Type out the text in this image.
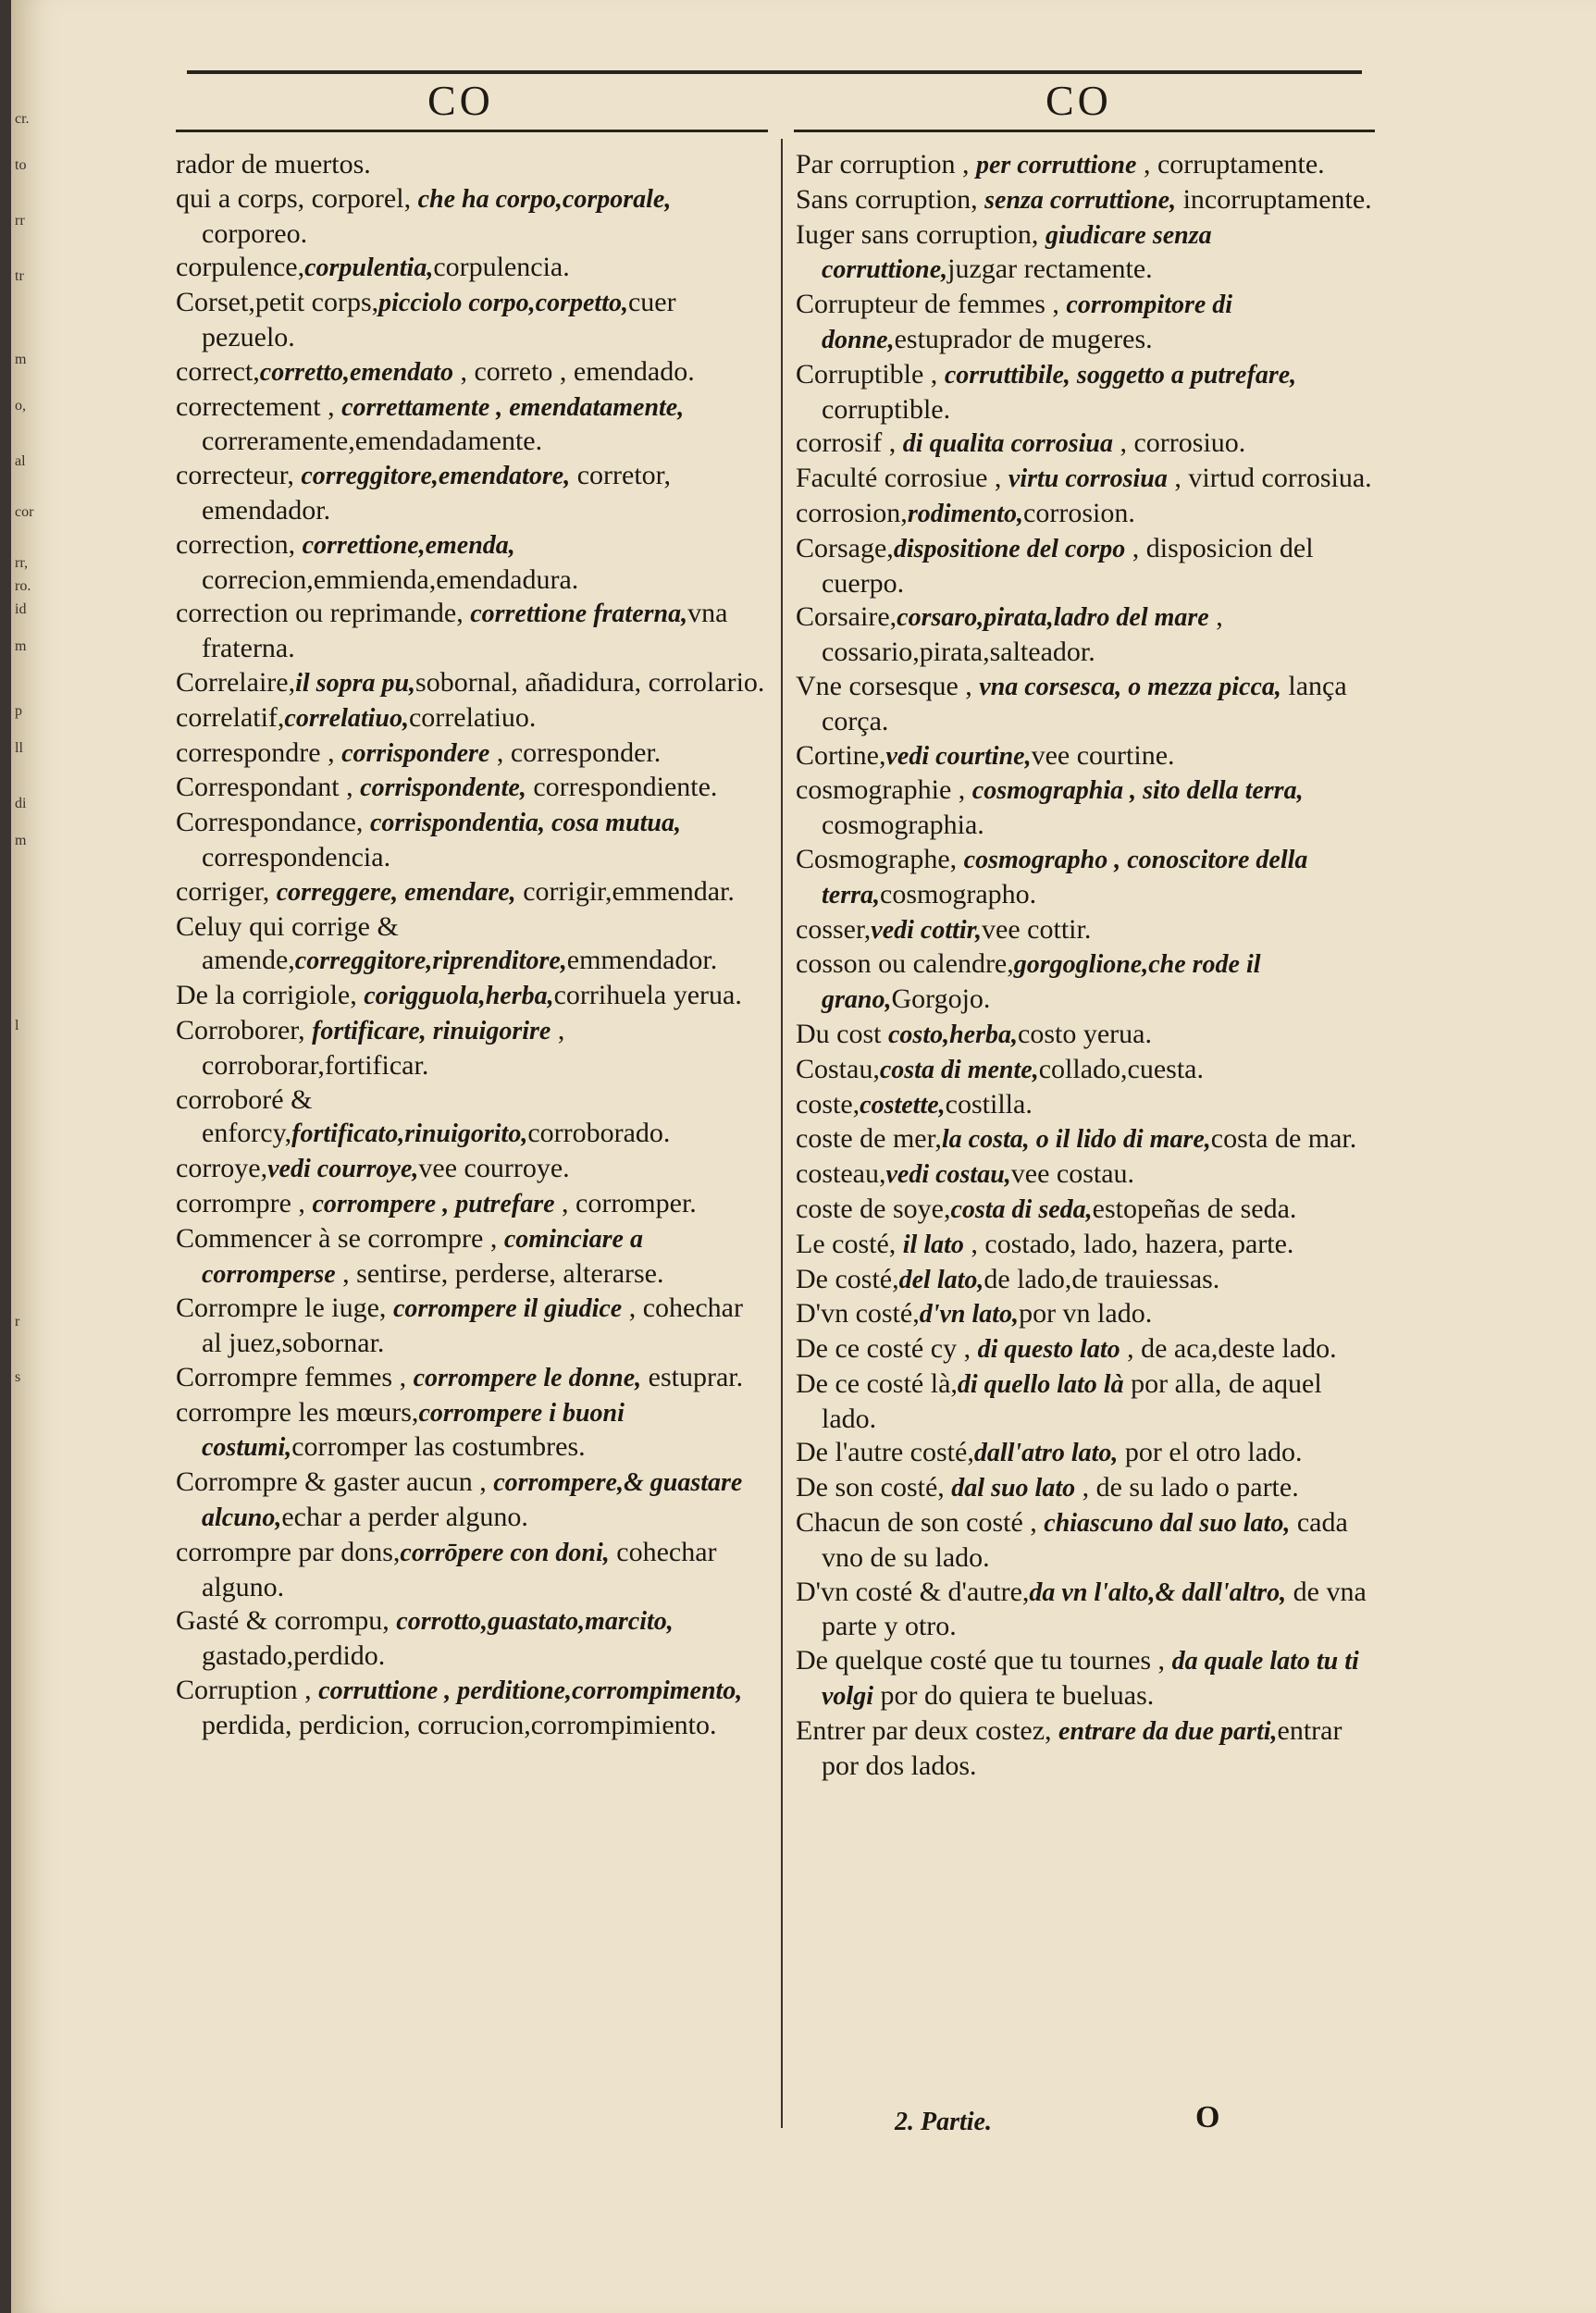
cr.
to
rr
tr
m
o,
al
cor
rr,
ro.
id
m
p
ll
di
m
l
r
s
CO	CO
rador de muertos.
qui a corps, corporel, che ha corpo,corporale, corporeo.
corpulence,corpulentia,corpulencia.
Corset,petit corps,picciolo corpo,corpetto,cuer pezuelo.
correct,corretto,emendato , correto , emendado.
correctement , correttamente , emendatamente, correramente,emendadamente.
correcteur, correggitore,emendatore, corretor, emendador.
correction, correttione,emenda, correcion,emmienda,emendadura.
correction ou reprimande, correttione fraterna,vna fraterna.
Correlaire,il sopra pu,sobornal, añadidura, corrolario.
correlatif,correlatiuo,correlatiuo.
correspondre , corrispondere , corresponder.
Correspondant , corrispondente, correspondiente.
Correspondance, corrispondentia, cosa mutua, correspondencia.
corriger, correggere, emendare, corrigir,emmendar.
Celuy qui corrige & amende,correggitore,riprenditore,emmendador.
De la corrigiole, corigguola,herba,corrihuela yerua.
Corroborer, fortificare, rinuigorire , corroborar,fortificar.
corroboré & enforcy,fortificato,rinuigorito,corroborado.
corroye,vedi courroye,vee courroye.
corrompre , corrompere , putrefare , corromper.
Commencer à se corrompre , cominciare a corromperse , sentirse, perderse, alterarse.
Corrompre le iuge, corrompere il giudice , cohechar al juez,sobornar.
Corrompre femmes , corrompere le donne, estuprar.
corrompre les mœurs,corrompere i buoni costumi,corromper las costumbres.
Corrompre & gaster aucun , corrompere,& guastare alcuno,echar a perder alguno.
corrompre par dons,corrōpere con doni, cohechar alguno.
Gasté & corrompu, corrotto,guastato,marcito, gastado,perdido.
Corruption , corruttione , perditione,corrompimento, perdida, perdicion, corrucion,corrompimiento.
Par corruption , per corruttione , corruptamente.
Sans corruption, senza corruttione, incorruptamente.
Iuger sans corruption, giudicare senza corruttione,juzgar rectamente.
Corrupteur de femmes , corrompitore di donne,estuprador de mugeres.
Corruptible , corruttibile, soggetto a putrefare, corruptible.
corrosif , di qualita corrosiua , corrosiuo.
Faculté corrosiue , virtu corrosiua , virtud corrosiua.
corrosion,rodimento,corrosion.
Corsage,dispositione del corpo , disposicion del cuerpo.
Corsaire,corsaro,pirata,ladro del mare , cossario,pirata,salteador.
Vne corsesque , vna corsesca, o mezza picca, lança corça.
Cortine,vedi courtine,vee courtine.
cosmographie , cosmographia , sito della terra, cosmographia.
Cosmographe, cosmographo , conoscitore della terra,cosmographo.
cosser,vedi cottir,vee cottir.
cosson ou calendre,gorgoglione,che rode il grano,Gorgojo.
Du cost costo,herba,costo yerua.
Costau,costa di mente,collado,cuesta.
coste,costette,costilla.
coste de mer,la costa, o il lido di mare,costa de mar.
costeau,vedi costau,vee costau.
coste de soye,costa di seda,estopeñas de seda.
Le costé, il lato , costado, lado, hazera, parte.
De costé,del lato,de lado,de trauiessas.
D'vn costé,d'vn lato,por vn lado.
De ce costé cy , di questo lato , de aca,deste lado.
De ce costé là,di quello lato là por alla, de aquel lado.
De l'autre costé,dall'atro lato, por el otro lado.
De son costé, dal suo lato , de su lado o parte.
Chacun de son costé , chiascuno dal suo lato, cada vno de su lado.
D'vn costé & d'autre,da vn l'alto,& dall'altro, de vna parte y otro.
De quelque costé que tu tournes , da quale lato tu ti volgi por do quiera te bueluas.
Entrer par deux costez, entrare da due parti,entrar por dos lados.
2. Partie.	O
